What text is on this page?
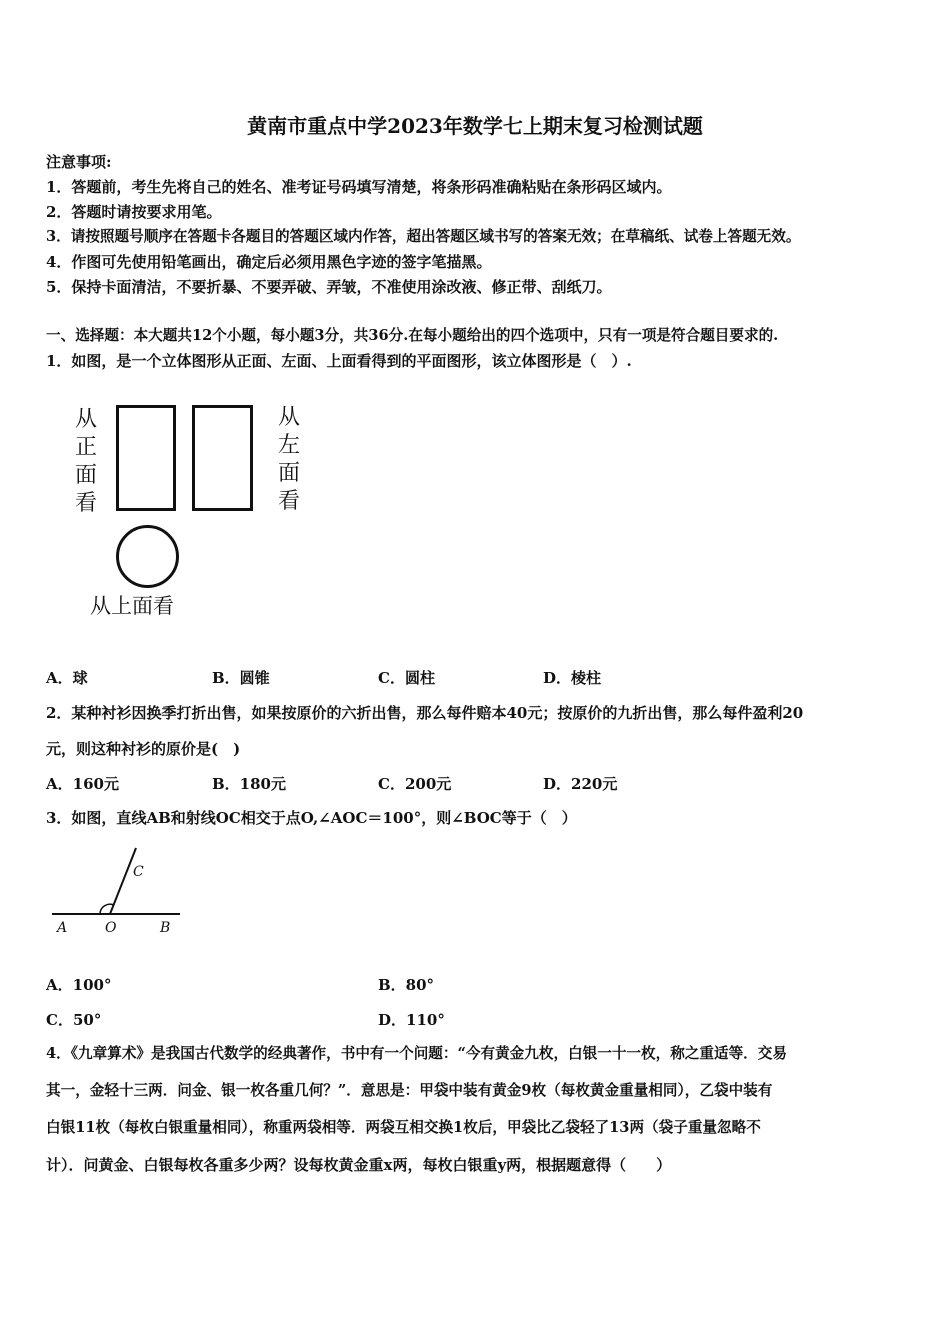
黄南市重点中学2023年数学七上期末复习检测试题
注意事项:
1．答题前，考生先将自己的姓名、准考证号码填写清楚，将条形码准确粘贴在条形码区域内。
2．答题时请按要求用笔。
3．请按照题号顺序在答题卡各题目的答题区域内作答，超出答题区域书写的答案无效；在草稿纸、试卷上答题无效。
4．作图可先使用铅笔画出，确定后必须用黑色字迹的签字笔描黑。
5．保持卡面清洁，不要折暴、不要弄破、弄皱，不准使用涂改液、修正带、刮纸刀。
一、选择题：本大题共12个小题，每小题3分，共36分.在每小题给出的四个选项中，只有一项是符合题目要求的.
1．如图，是一个立体图形从正面、左面、上面看得到的平面图形，该立体图形是（　）.
从
正
面
看
从
左
面
看
从上面看
A．球	B．圆锥	C．圆柱	D．棱柱
2．某种衬衫因换季打折出售，如果按原价的六折出售，那么每件赔本40元；按原价的九折出售，那么每件盈利20
元，则这种衬衫的原价是(　)
A．160元	B．180元	C．200元	D．220元
3．如图，直线AB和射线OC相交于点O,∠AOC＝100°，则∠BOC等于（　）
A	O	B
C
A．100°	B．80°
C．50°	D．110°
4．《九章算术》是我国古代数学的经典著作，书中有一个问题：“今有黄金九枚，白银一十一枚，称之重适等．交易
其一，金轻十三两．问金、银一枚各重几何？”．意思是：甲袋中装有黄金9枚（每枚黄金重量相同），乙袋中装有
白银11枚（每枚白银重量相同），称重两袋相等．两袋互相交换1枚后，甲袋比乙袋轻了13两（袋子重量忽略不
计）．问黄金、白银每枚各重多少两？设每枚黄金重x两，每枚白银重y两，根据题意得（　　）
